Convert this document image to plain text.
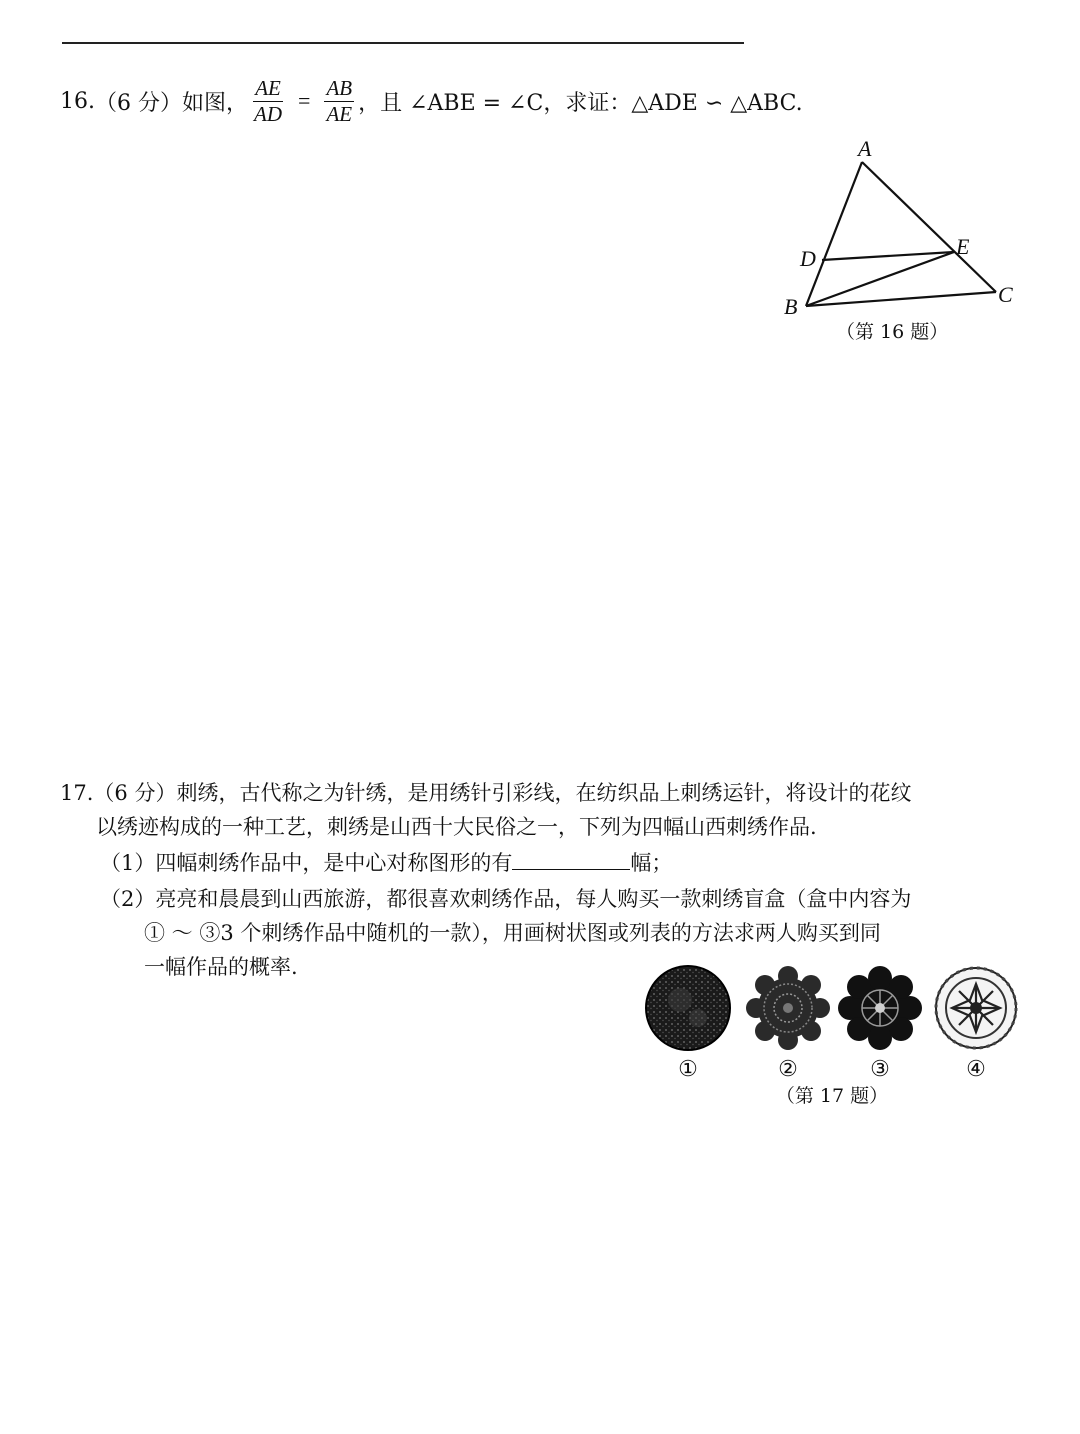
16. （6 分） 如图， $\frac{AE}{AD} = \frac{AB}{AE}$ ，且 ∠ABE = ∠C，求证：△ADE ∽ △ABC.
A
B	C
D	E
（第 16 题）
17.（6 分）刺绣，古代称之为针绣，是用绣针引彩线，在纺织品上刺绣运针，将设计的花纹
以绣迹构成的一种工艺，刺绣是山西十大民俗之一，下列为四幅山西刺绣作品.
（1）四幅刺绣作品中，是中心对称图形的有	幅；
（2）亮亮和晨晨到山西旅游，都很喜欢刺绣作品，每人购买一款刺绣盲盒（盒中内容为
① ～ ③3 个刺绣作品中随机的一款），用画树状图或列表的方法求两人购买到同
一幅作品的概率.
①	②	③	④
（第 17 题）
